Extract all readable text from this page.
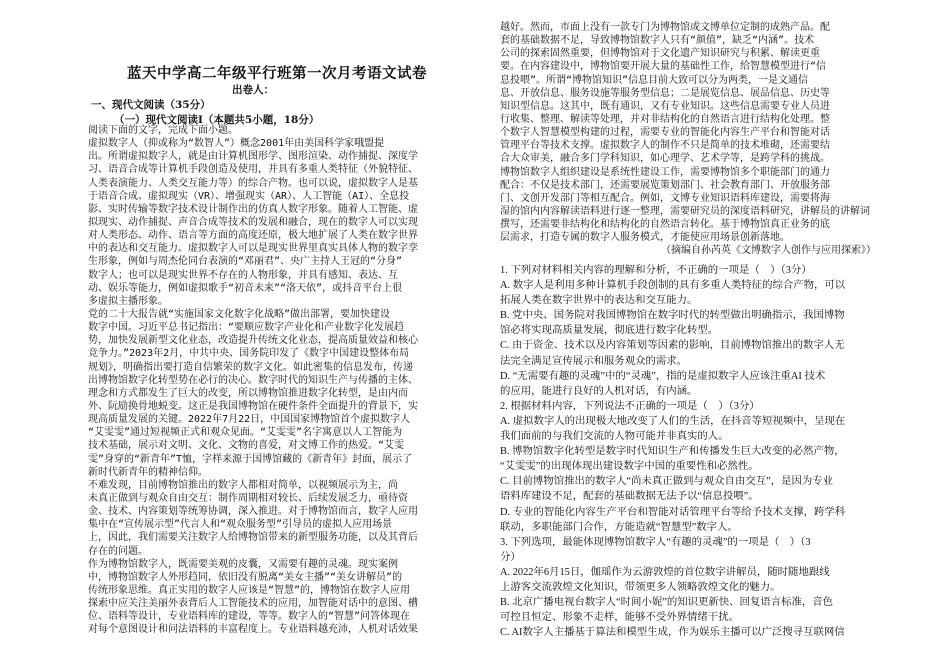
蓝天中学高二年级平行班第一次月考语文试卷
出卷人：
一、现代文阅读（35分）
（一）现代文阅读Ⅰ（本题共5小题，18分）
阅读下面的文字，完成下面小题。
虚拟数字人（抑或称为“数智人”）概念2001年由美国科学家哦盟提
出。所谓虚拟数字人，就是由计算机图形学、图形渲染、动作捕捉、深度学
习、语音合成等计算机手段创造及使用，并具有多重人类特征（外貌特征、
人类表演能力、人类交互能力等）的综合产物。也可以说，虚拟数字人是基
于语音合成、虚拟现实（VR）、增强现实（AR）、人工智能（AI）、全息投
影、实时传输等数字技术设计制作出的仿真人数字形象。随着人工智能、虚
拟现实、动作捕捉、声音合成等技术的发展和融合，现在的数字人可以实现
对人类形态、动作、语言等方面的高度还原，极大地扩展了人类在数字世界
中的表达和交互能力。虚拟数字人可以是现实世界里真实具体人物的数字孪
生形象，例如与周杰伦同台表演的“邓丽君”、央广主持人王冠的“分身”
数字人；也可以是现实世界不存在的人物形象，并具有感知、表达、互
动、娱乐等能力，例如虚拟歌手“初音未来”“洛天依”，或抖音平台上很
多虚拟主播形象。
党的二十大报告就“实施国家文化数字化战略”做出部署，要加快建设
数字中国。习近平总书记指出：“要顺应数字产业化和产业数字化发展趋
势，加快发展新型文化业态，改造提升传统文化业态，提高质量效益和核心
竞争力。”2023年2月，中共中央、国务院印发了《数字中国建设整体布局
规划》，明确指出要打造自信繁荣的数字文化。如此密集的信息发布，传递
出博物馆数字化转型势在必行的决心。数字时代的知识生产与传播的主体、
理念和方式都发生了巨大的改变，所以博物馆推进数字化转型，是由内而
外、阮励换骨地蜕变。这正是我国博物馆在硬件条件全面提升的背景下，实
现高质量发展的关键。2022年7月22日，中国国家博物馆首个虚拟数字人
“艾雯雯”通过短视频正式和观众见面。“艾雯雯”名字寓意以人工智能为
技术基础，展示对文明、文化、文物的喜爱，对文博工作的热爱。“艾雯
雯”身穿的“新青年”T恤，字样来源于国博馆藏的《新青年》封面，展示了
新时代新青年的精神信仰。
不难发现，目前博物馆推出的数字人都相对简单，以视频展示为主，尚
未真正做到与观众自由交互：制作周期相对较长、后续发展乏力，亟待资
金、技术、内容策划等统筹协调，深入推进。对于博物馆而言，数字人应用
集中在“宣传展示型”代言人和“观众服务型”引导员的虚拟人应用场景
上，因此，我们需要关注数字人给博物馆带来的新型服务功能，以及其背后
存在的问题。
作为博物馆数字人，既需要美观的皮囊，又需要有趣的灵魂。现实案例
中，博物馆数字人外形趋同，依旧没有脱离“美女主播”“美女讲解员”的
传统形象思维。真正实用的数字人应该是“智慧”的，博物馆在数字人应用
探索中应关注美丽外表背后人工智能技术的应用，加智能对话中的意图、槽
位、语料等设计，专业语料库的建设，等等。数字人的“智慧”问答体现在
对每个意图设计和问法语料的丰富程度上。专业语料越充沛，人机对话效果
越好。然而，市面上没有一款专门为博物馆或文博单位定制的成熟产品。配
套的基础数据不足，导致博物馆数字人只有“颜值”，缺乏“内涵”。技术
公司的探索固然重要，但博物馆对于文化遗产知识研究与积累、解读更重
要。在内容建设中，博物馆要开展大量的基础性工作，给智慧模型进行“信
息投喂”。所谓“博物馆知识”信息目前大致可以分为两类，一是文通信
息、开放信息、服务设施等服务型信息；二是展览信息、展品信息、历史等
知识型信息。这其中，既有通识，又有专业知识。这些信息需要专业人员进
行收集、整理、解读等处理，并对非结构化的自然语言进行结构化处理。整
个数字人智慧模型构建的过程，需要专业的智能化内容生产平台和智能对话
管理平台等技术支撑。虚拟数字人的制作不只是简单的技术堆砌，还需要结
合大众审美，融合多门学科知识，如心理学、艺术学等，是跨学科的挑战。
博物馆数字人组织建设是系统性建设工作，需要博物馆多个职能部门的通力
配合：不仅是技术部门，还需要展览策划部门、社会教育部门、开放服务部
门、文创开发部门等相互配合。例如，文博专业知识语料库建设，需要将海
湿的馆内内容解读语料进行逐一整理，需要研究员的深度语料研究，讲解员的讲解词
撰写，还需要非结构化和结构化的自然语言转化。基于博物馆真正业务的底
层需求，打造专属的数字人服务模式，才能使应用场景创新落地。
（摘编自孙芮英《文博数字人创作与应用探索》）
1. 下列对材料相关内容的理解和分析，不正确的一项是（　）（3分）
A. 数字人是利用多种计算机手段创制的具有多重人类特征的综合产物，可以
拓展人类在数字世界中的表达和交互能力。
B. 党中央、国务院对我国博物馆在数字时代的转型做出明确指示，我国博物
馆必将实现高质量发展，彻底进行数字化转型。
C. 由于资金、技术以及内容策划等因素的影响，目前博物馆推出的数字人无
法完全满足宣传展示和服务观众的需求。
D. “无需要有趣的灵魂”中的“灵魂”，指的是虚拟数字人应该注重AI 技术
的应用，能进行良好的人机对话，有内涵。
2. 根据材料内容，下列说法不正确的一项是（　）（3分）
A. 虚拟数字人的出现极大地改变了人们的生活，在抖音等短视频中，呈现在
我们面前的与我们交流的人物可能并非真实的人。
B. 博物馆数字化转型是数字时代知识生产和传播发生巨大改变的必然产物，
“艾雯雯”的出现体现出建设数字中国的重要性和必然性。
C. 目前博物馆推出的数字人“尚未真正做到与观众自由交互”，是因为专业
语料库建设不足，配套的基础数据无法予以“信息投喂”。
D. 专业的智能化内容生产平台和智能对话管理平台等给予技术支撑，跨学科
联动，多职能部门合作，方能造就“智慧型”数字人。
3. 下列选项，最能体现博物馆数字人“有趣的灵魂”的一项是（　）（3
分）
A. 2022年6月15日，伽瑶作为云游敦煌的首位数字讲解员，随时随地跟线
上游客交流敦煌文化知识，带领更多人领略敦煌文化的魅力。
B. 北京广播电视台数字人“时间小妮”的知识更新快、回复语言标准，音色
可控且恒定、形象不走样，能够不受外界情绪干扰。
C. AI数字人主播基于算法和模型生成，作为娱乐主播可以广泛搜寻互联网信
